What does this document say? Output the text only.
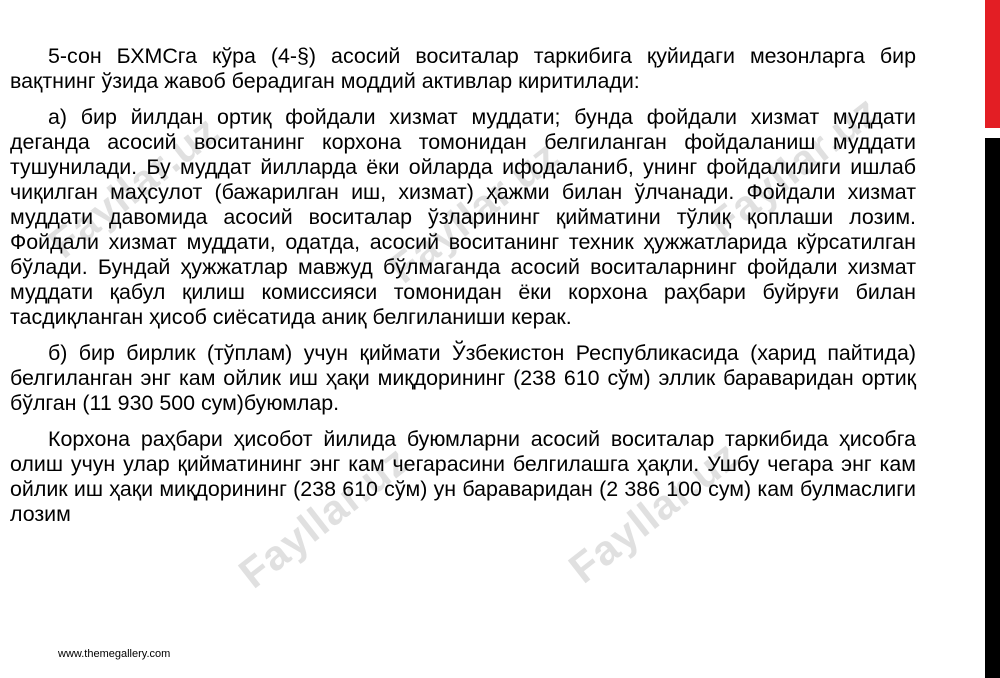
Fayllar.uz	Fayllar.uz	Fayllar.uz
Fayllar.uz	Fayllar.uz

5-сон БХМСга кўра (4-§) асосий воситалар таркибига қуйидаги мезонларга бир вақтнинг ўзида жавоб берадиган моддий активлар киритилади:

а) бир йилдан ортиқ фойдали хизмат муддати; бунда фойдали хизмат муддати деганда асосий воситанинг корхона томонидан белгиланган фойдаланиш муддати тушунилади. Бу муддат йилларда ёки ойларда ифодаланиб, унинг фойдалилиги ишлаб чиқилган маҳсулот (бажарилган иш, хизмат) ҳажми билан ўлчанади. Фойдали хизмат муддати давомида асосий воситалар ўзларининг қийматини тўлиқ қоплаши лозим. Фойдали хизмат муддати, одатда, асосий воситанинг техник ҳужжатларида кўрсатилган бўлади. Бундай ҳужжатлар мавжуд бўлмаганда асосий воситаларнинг фойдали хизмат муддати қабул қилиш комиссияси томонидан ёки корхона раҳбари буйруғи билан тасдиқланган ҳисоб сиёсатида аниқ белгиланиши керак.

б) бир бирлик (тўплам) учун қиймати Ўзбекистон Республикасида (харид пайтида) белгиланган энг кам ойлик иш ҳақи миқдорининг (238 610 сўм) эллик бараваридан ортиқ бўлган (11 930 500 сум)буюмлар.

Корхона раҳбари ҳисобот йилида буюмларни асосий воситалар таркибида ҳисобга олиш учун улар қийматининг энг кам чегарасини белгилашга ҳақли. Ушбу чегара энг кам ойлик иш ҳақи миқдорининг (238 610 сўм) ун бараваридан (2 386 100 сум) кам булмаслиги лозим

www.themegallery.com
